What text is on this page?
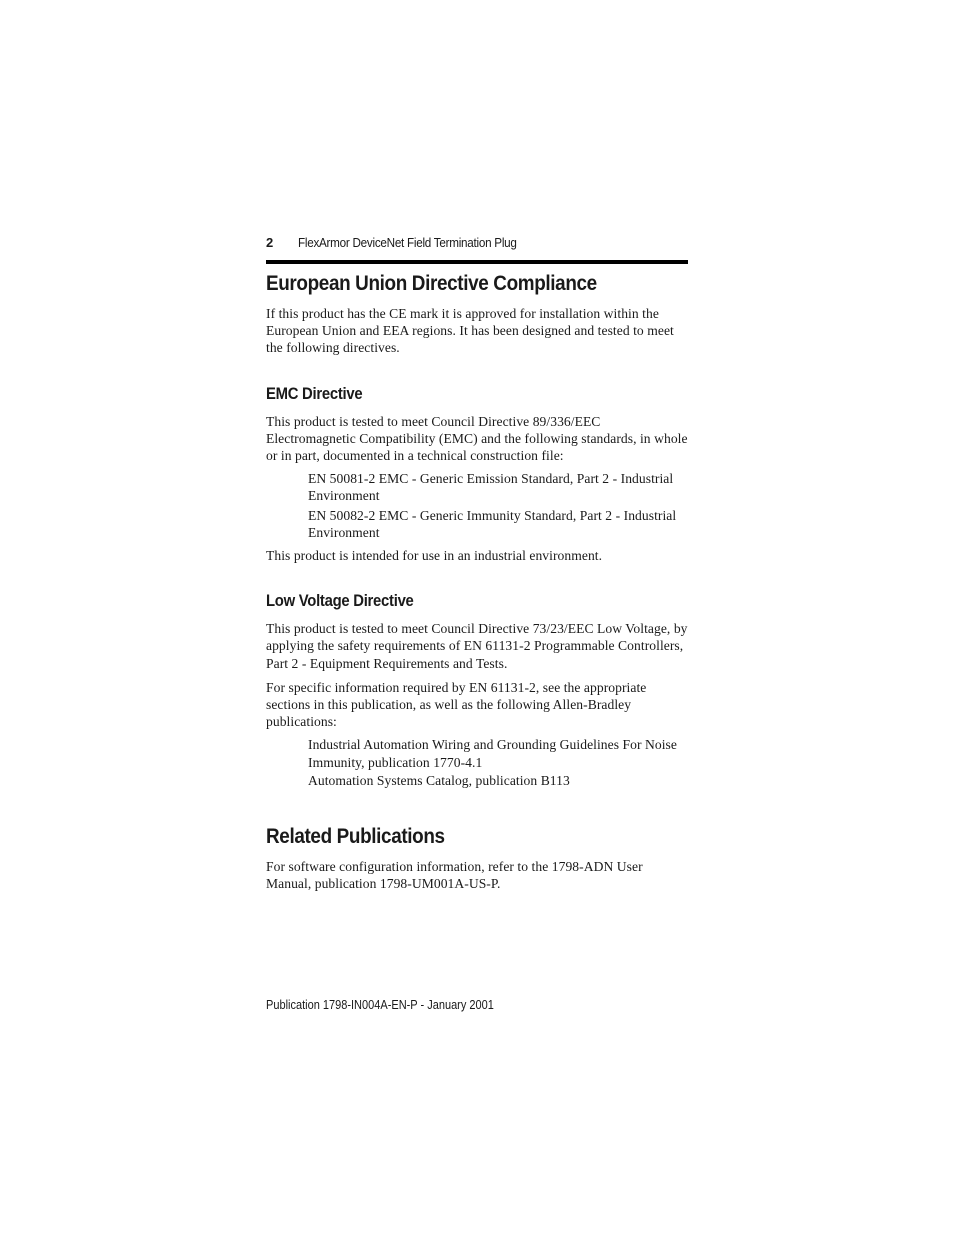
2 FlexArmor DeviceNet Field Termination Plug
European Union Directive Compliance

If this product has the CE mark it is approved for installation within the European Union and EEA regions. It has been designed and tested to meet the following directives.

EMC Directive

This product is tested to meet Council Directive 89/336/EEC Electromagnetic Compatibility (EMC) and the following standards, in whole or in part, documented in a technical construction file:

EN 50081-2 EMC - Generic Emission Standard, Part 2 - Industrial Environment

EN 50082-2 EMC - Generic Immunity Standard, Part 2 - Industrial Environment

This product is intended for use in an industrial environment.

Low Voltage Directive

This product is tested to meet Council Directive 73/23/EEC Low Voltage, by applying the safety requirements of EN 61131-2 Programmable Controllers, Part 2 - Equipment Requirements and Tests.

For specific information required by EN 61131-2, see the appropriate sections in this publication, as well as the following Allen-Bradley publications:

Industrial Automation Wiring and Grounding Guidelines For Noise Immunity, publication 1770-4.1

Automation Systems Catalog, publication B113

Related Publications

For software configuration information, refer to the 1798-ADN User Manual, publication 1798-UM001A-US-P.

Publication 1798-IN004A-EN-P - January 2001
